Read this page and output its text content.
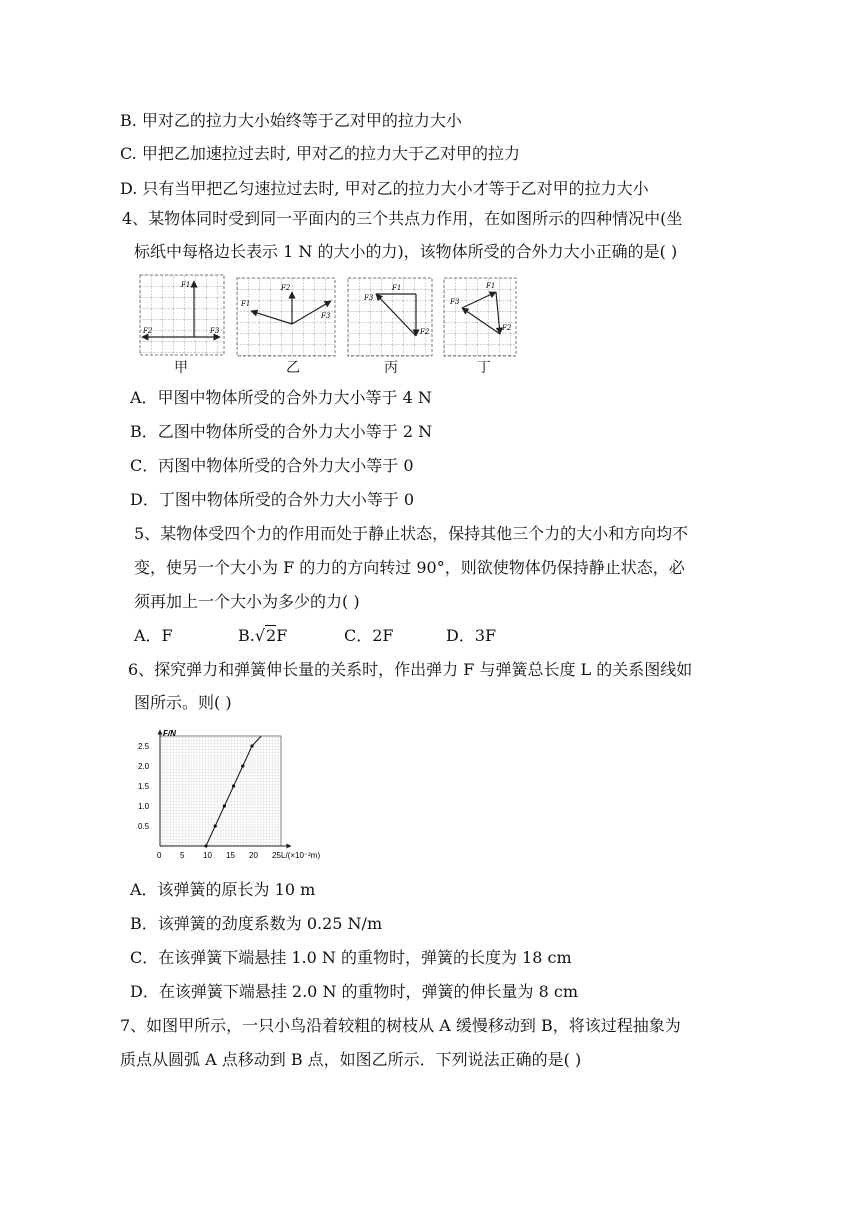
B. 甲对乙的拉力大小始终等于乙对甲的拉力大小
C. 甲把乙加速拉过去时, 甲对乙的拉力大于乙对甲的拉力
D. 只有当甲把乙匀速拉过去时, 甲对乙的拉力大小才等于乙对甲的拉力大小
4、某物体同时受到同一平面内的三个共点力作用，在如图所示的四种情况中(坐
标纸中每格边长表示 1 N 的大小的力)，该物体所受的合外力大小正确的是( )
F1
F2	F3
甲
F2
F1
F3
乙
F3
F1
F2
丙
F3
F1
F2
丁
A．甲图中物体所受的合外力大小等于 4 N
B．乙图中物体所受的合外力大小等于 2 N
C．丙图中物体所受的合外力大小等于 0
D．丁图中物体所受的合外力大小等于 0
5、某物体受四个力的作用而处于静止状态，保持其他三个力的大小和方向均不
变，使另一个大小为 F 的力的方向转过 90°，则欲使物体仍保持静止状态，必
须再加上一个大小为多少的力( )
A．F	B.√2F	C．2F	D．3F
6、探究弹力和弹簧伸长量的关系时，作出弹力 F 与弹簧总长度 L 的关系图线如
图所示。则( )
F/N
L/(×10⁻²m)
0 5 10 15 20 25
0.5
1.0
1.5
2.0
2.5
A．该弹簧的原长为 10 m
B．该弹簧的劲度系数为 0.25 N/m
C．在该弹簧下端悬挂 1.0 N 的重物时，弹簧的长度为 18 cm
D．在该弹簧下端悬挂 2.0 N 的重物时，弹簧的伸长量为 8 cm
7、如图甲所示，一只小鸟沿着较粗的树枝从 A 缓慢移动到 B，将该过程抽象为
质点从圆弧 A 点移动到 B 点，如图乙所示．下列说法正确的是( )
